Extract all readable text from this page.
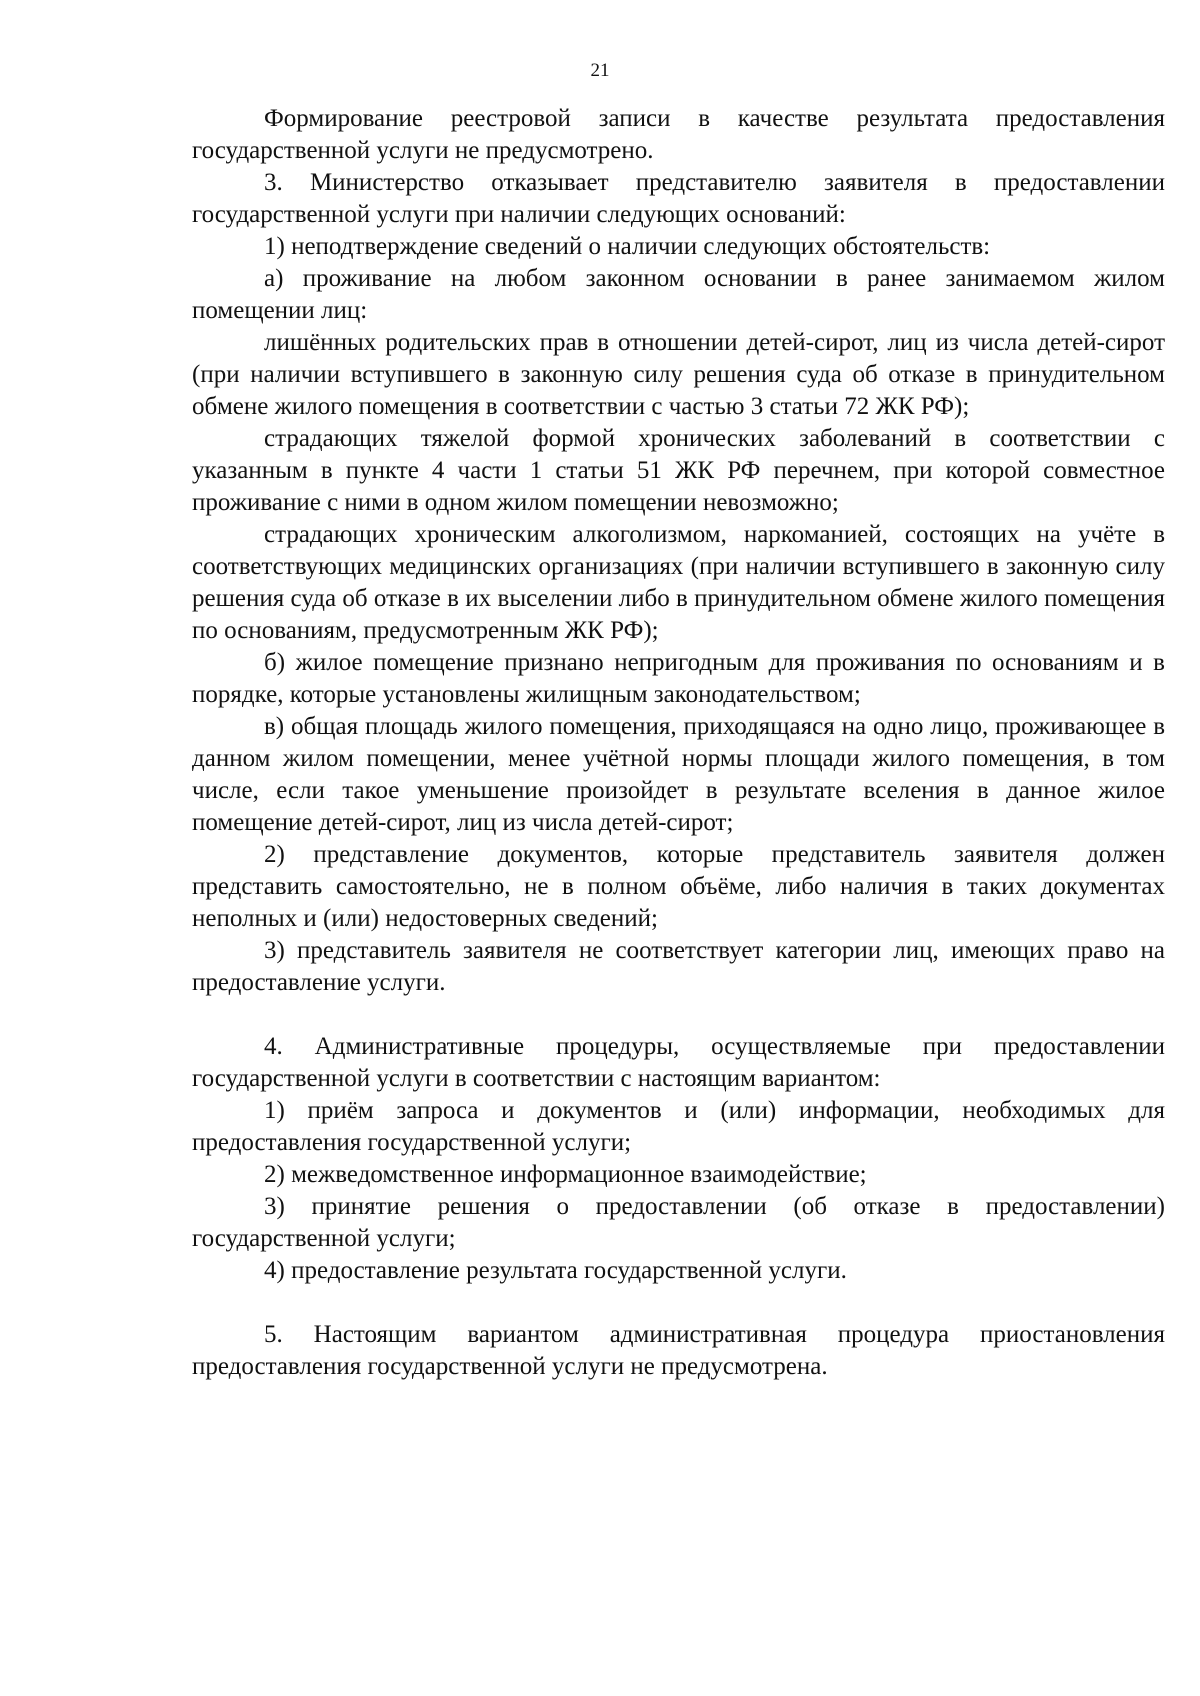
21

Формирование реестровой записи в качестве результата предоставления государственной услуги не предусмотрено.

3. Министерство отказывает представителю заявителя в предоставлении государственной услуги при наличии следующих оснований:

1) неподтверждение сведений о наличии следующих обстоятельств:

а) проживание на любом законном основании в ранее занимаемом жилом помещении лиц:

лишённых родительских прав в отношении детей-сирот, лиц из числа детей-сирот (при наличии вступившего в законную силу решения суда об отказе в принудительном обмене жилого помещения в соответствии с частью 3 статьи 72 ЖК РФ);

страдающих тяжелой формой хронических заболеваний в соответствии с указанным в пункте 4 части 1 статьи 51 ЖК РФ перечнем, при которой совместное проживание с ними в одном жилом помещении невозможно;

страдающих хроническим алкоголизмом, наркоманией, состоящих на учёте в соответствующих медицинских организациях (при наличии вступившего в законную силу решения суда об отказе в их выселении либо в принудительном обмене жилого помещения по основаниям, предусмотренным ЖК РФ);

б) жилое помещение признано непригодным для проживания по основаниям и в порядке, которые установлены жилищным законодательством;

в) общая площадь жилого помещения, приходящаяся на одно лицо, проживающее в данном жилом помещении, менее учётной нормы площади жилого помещения, в том числе, если такое уменьшение произойдет в результате вселения в данное жилое помещение детей-сирот, лиц из числа детей-сирот;

2) представление документов, которые представитель заявителя должен представить самостоятельно, не в полном объёме, либо наличия в таких документах неполных и (или) недостоверных сведений;

3) представитель заявителя не соответствует категории лиц, имеющих право на предоставление услуги.

4. Административные процедуры, осуществляемые при предоставлении государственной услуги в соответствии с настоящим вариантом:

1) приём запроса и документов и (или) информации, необходимых для предоставления государственной услуги;

2) межведомственное информационное взаимодействие;

3) принятие решения о предоставлении (об отказе в предоставлении) государственной услуги;

4) предоставление результата государственной услуги.

5. Настоящим вариантом административная процедура приостановления предоставления государственной услуги не предусмотрена.
